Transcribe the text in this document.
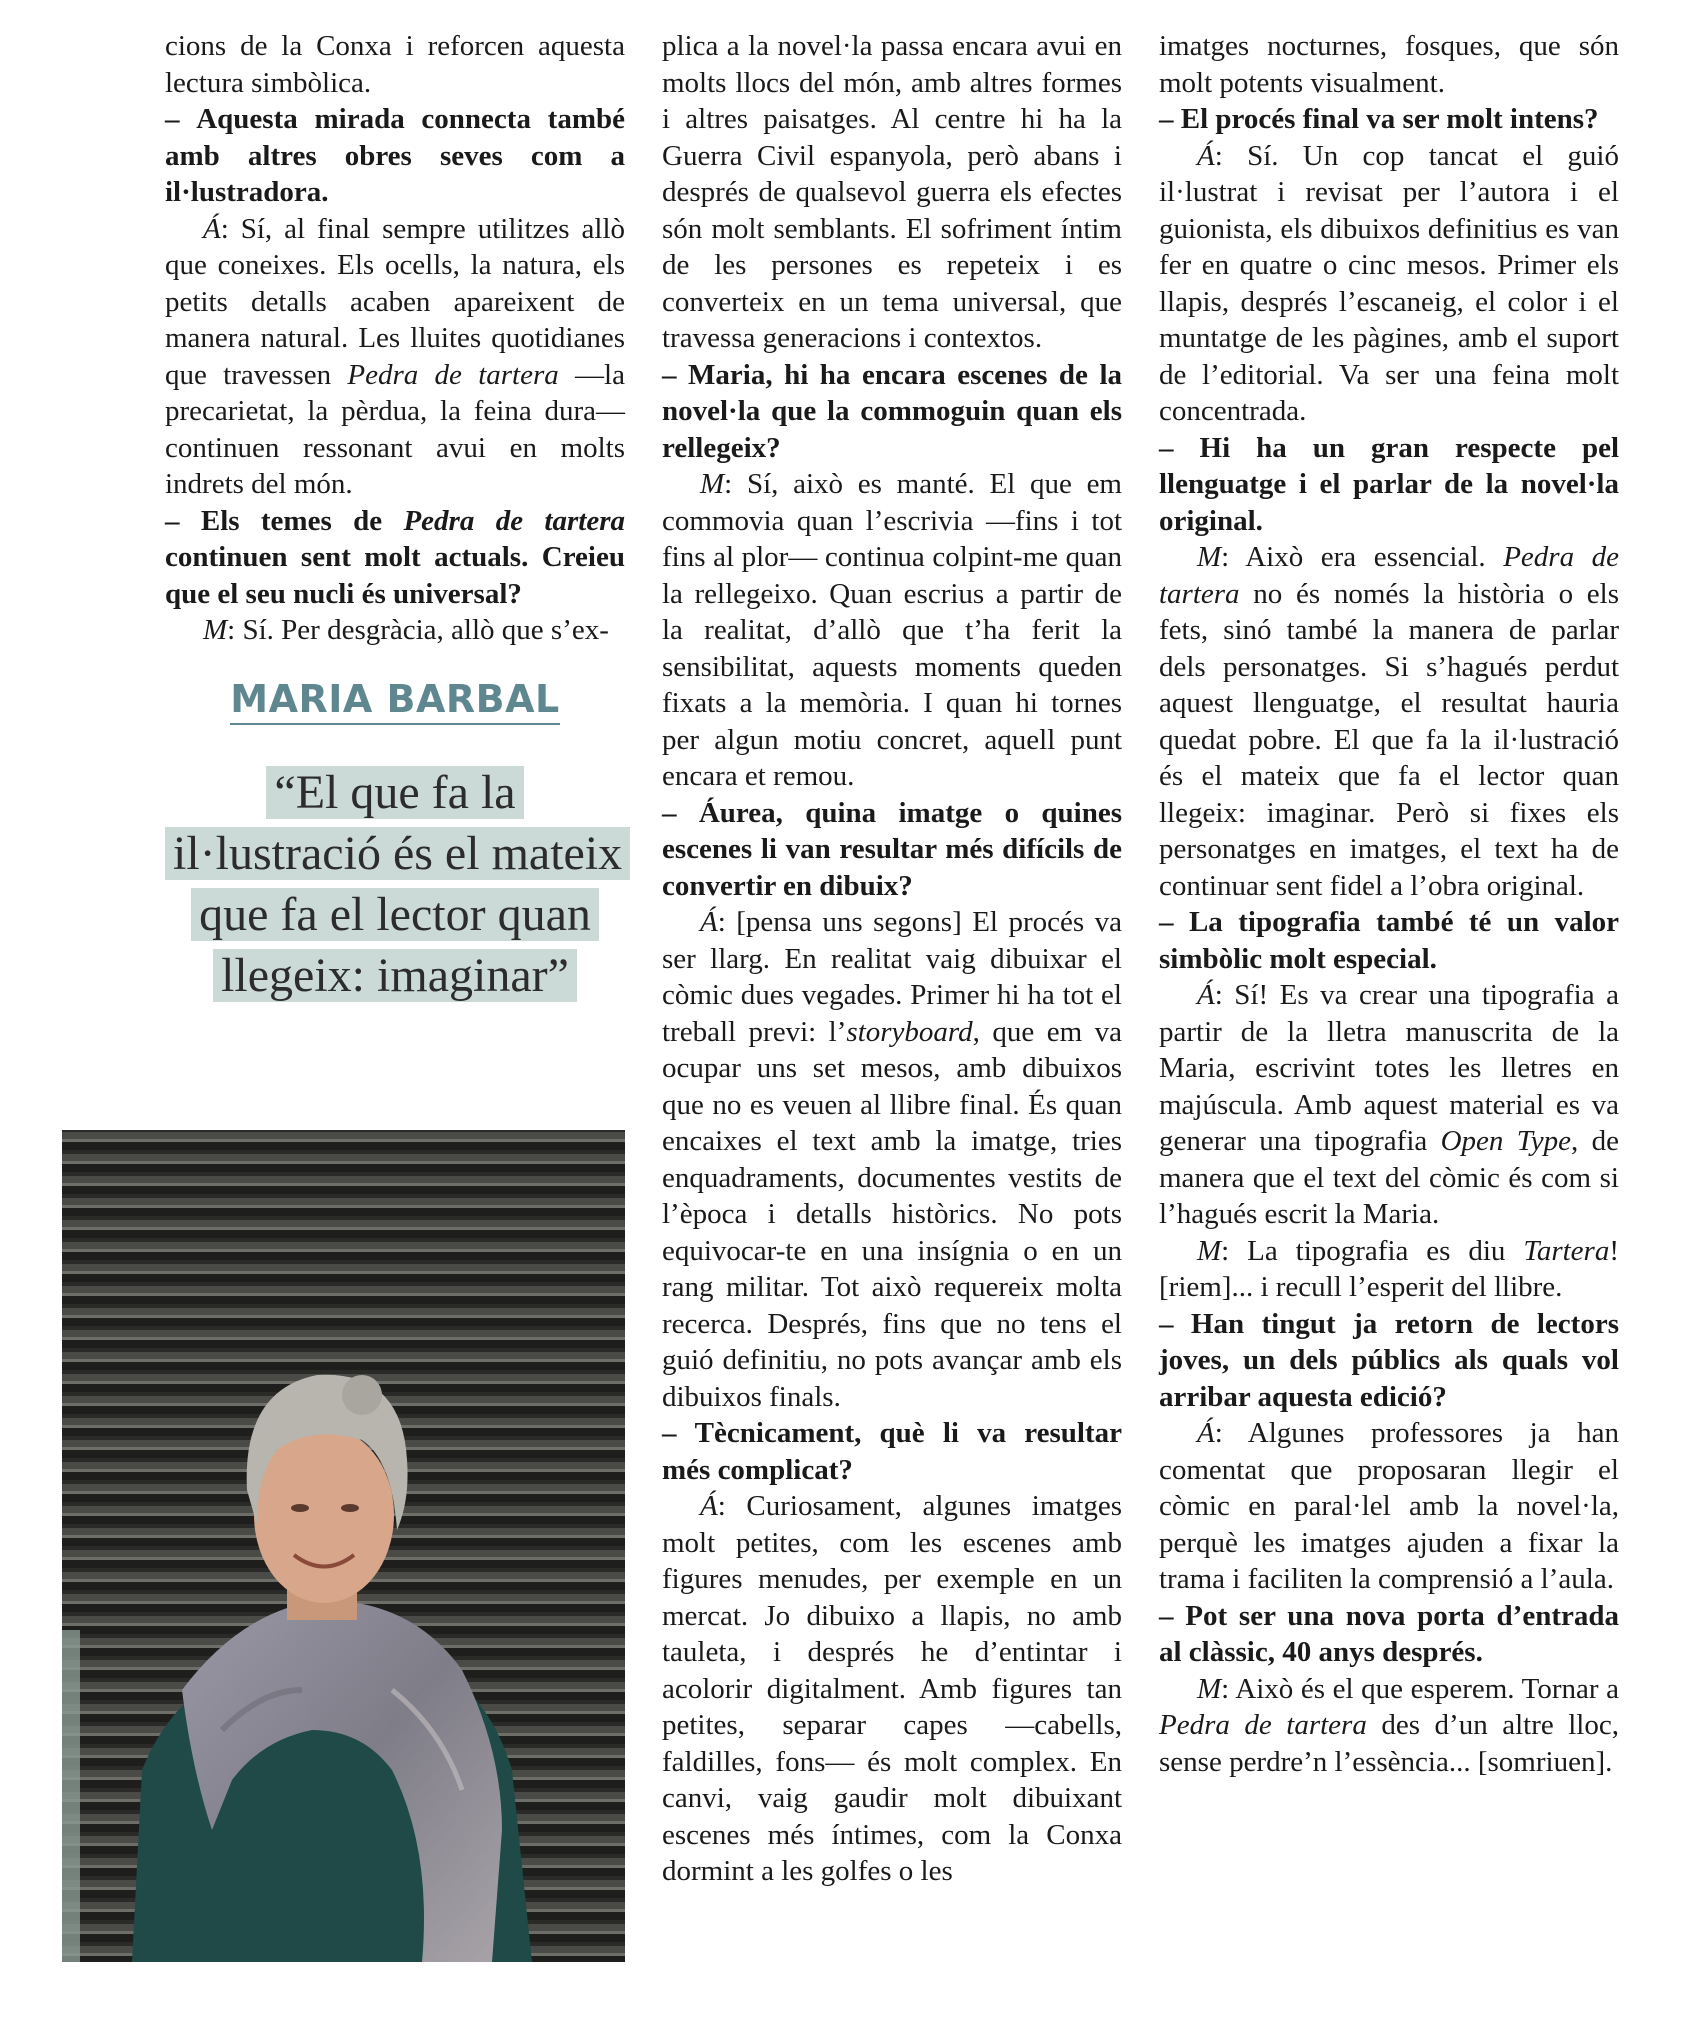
cions de la Conxa i reforcen aquesta lectura simbòlica.

– Aquesta mirada connecta també amb altres obres seves com a il·lustradora.

Á: Sí, al final sempre utilitzes allò que coneixes. Els ocells, la natura, els petits detalls acaben apareixent de manera natural. Les lluites quotidianes que travessen Pedra de tartera —la precarietat, la pèrdua, la feina dura— continuen ressonant avui en molts indrets del món.

– Els temes de Pedra de tartera continuen sent molt actuals. Creieu que el seu nucli és universal?

M: Sí. Per desgràcia, allò que s’ex-

MARIA BARBAL
“El que fa la il·lustració és el mateix que fa el lector quan llegeix: imaginar”

plica a la novel·la passa encara avui en molts llocs del món, amb altres formes i altres paisatges. Al centre hi ha la Guerra Civil espanyola, però abans i després de qualsevol guerra els efectes són molt semblants. El sofriment íntim de les persones es repeteix i es converteix en un tema universal, que travessa generacions i contextos.

– Maria, hi ha encara escenes de la novel·la que la commoguin quan els rellegeix?

M: Sí, això es manté. El que em commovia quan l’escrivia —fins i tot fins al plor— continua colpint-me quan la rellegeixo. Quan escrius a partir de la realitat, d’allò que t’ha ferit la sensibilitat, aquests moments queden fixats a la memòria. I quan hi tornes per algun motiu concret, aquell punt encara et remou.

– Áurea, quina imatge o quines escenes li van resultar més difícils de convertir en dibuix?

Á: [pensa uns segons] El procés va ser llarg. En realitat vaig dibuixar el còmic dues vegades. Primer hi ha tot el treball previ: l’storyboard, que em va ocupar uns set mesos, amb dibuixos que no es veuen al llibre final. És quan encaixes el text amb la imatge, tries enquadraments, documentes vestits de l’època i detalls històrics. No pots equivocar-te en una insígnia o en un rang militar. Tot això requereix molta recerca. Després, fins que no tens el guió definitiu, no pots avançar amb els dibuixos finals.

– Tècnicament, què li va resultar més complicat?

Á: Curiosament, algunes imatges molt petites, com les escenes amb figures menudes, per exemple en un mercat. Jo dibuixo a llapis, no amb tauleta, i després he d’entintar i acolorir digitalment. Amb figures tan petites, separar capes —cabells, faldilles, fons— és molt complex. En canvi, vaig gaudir molt dibuixant escenes més íntimes, com la Conxa dormint a les golfes o les

imatges nocturnes, fosques, que són molt potents visualment.

– El procés final va ser molt intens?

Á: Sí. Un cop tancat el guió il·lustrat i revisat per l’autora i el guionista, els dibuixos definitius es van fer en quatre o cinc mesos. Primer els llapis, després l’escaneig, el color i el muntatge de les pàgines, amb el suport de l’editorial. Va ser una feina molt concentrada.

– Hi ha un gran respecte pel llenguatge i el parlar de la novel·la original.

M: Això era essencial. Pedra de tartera no és només la història o els fets, sinó també la manera de parlar dels personatges. Si s’hagués perdut aquest llenguatge, el resultat hauria quedat pobre. El que fa la il·lustració és el mateix que fa el lector quan llegeix: imaginar. Però si fixes els personatges en imatges, el text ha de continuar sent fidel a l’obra original.

– La tipografia també té un valor simbòlic molt especial.

Á: Sí! Es va crear una tipografia a partir de la lletra manuscrita de la Maria, escrivint totes les lletres en majúscula. Amb aquest material es va generar una tipografia Open Type, de manera que el text del còmic és com si l’hagués escrit la Maria.

M: La tipografia es diu Tartera! [riem]... i recull l’esperit del llibre.

– Han tingut ja retorn de lectors joves, un dels públics als quals vol arribar aquesta edició?

Á: Algunes professores ja han comentat que proposaran llegir el còmic en paral·lel amb la novel·la, perquè les imatges ajuden a fixar la trama i faciliten la comprensió a l’aula.

– Pot ser una nova porta d’entrada al clàssic, 40 anys després.

M: Això és el que esperem. Tornar a Pedra de tartera des d’un altre lloc, sense perdre’n l’essència... [somriuen].
